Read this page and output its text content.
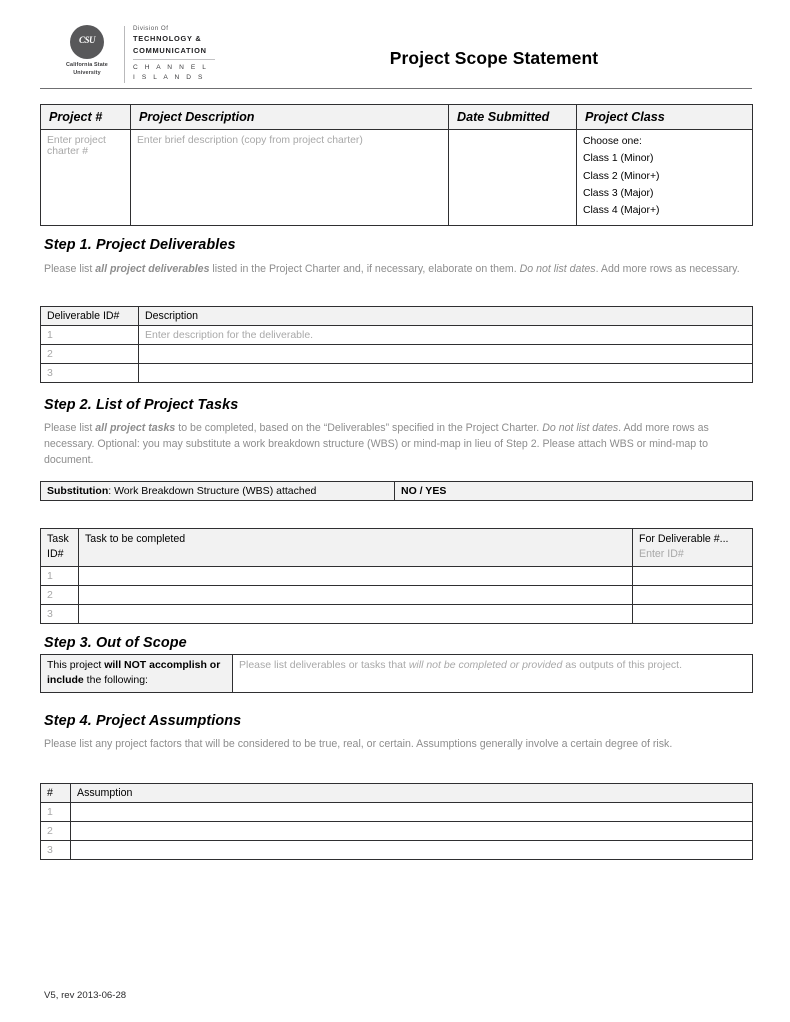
CSU
California State
University
Division Of
TECHNOLOGY &
COMMUNICATION
C H A N N E L
I S L A N D S
Project Scope Statement
Project #	Project Description	Date Submitted	Project Class
Enter project charter #	Enter brief description (copy from project charter)		Choose one:

Class 1 (Minor)

Class 2 (Minor+)

Class 3 (Major)

Class 4 (Major+)

Step 1. Project Deliverables
Please list all project deliverables listed in the Project Charter and, if necessary, elaborate on them. Do not list dates. Add more rows as necessary.
Deliverable ID#	Description
1	Enter description for the deliverable.
2	
3	
Step 2. List of Project Tasks
Please list all project tasks to be completed, based on the “Deliverables” specified in the Project Charter. Do not list dates. Add more rows as necessary. Optional: you may substitute a work breakdown structure (WBS) or mind-map in lieu of Step 2. Please attach WBS or mind-map to document.
Substitution: Work Breakdown Structure (WBS) attached	NO / YES
Task ID#	Task to be completed	For Deliverable #...
Enter ID#
1		
2		
3		
Step 3. Out of Scope
This project will NOT accomplish or include the following:	Please list deliverables or tasks that will not be completed or provided as outputs of this project.
Step 4. Project Assumptions
Please list any project factors that will be considered to be true, real, or certain. Assumptions generally involve a certain degree of risk.
#	Assumption
1	
2	
3	
V5, rev 2013-06-28
